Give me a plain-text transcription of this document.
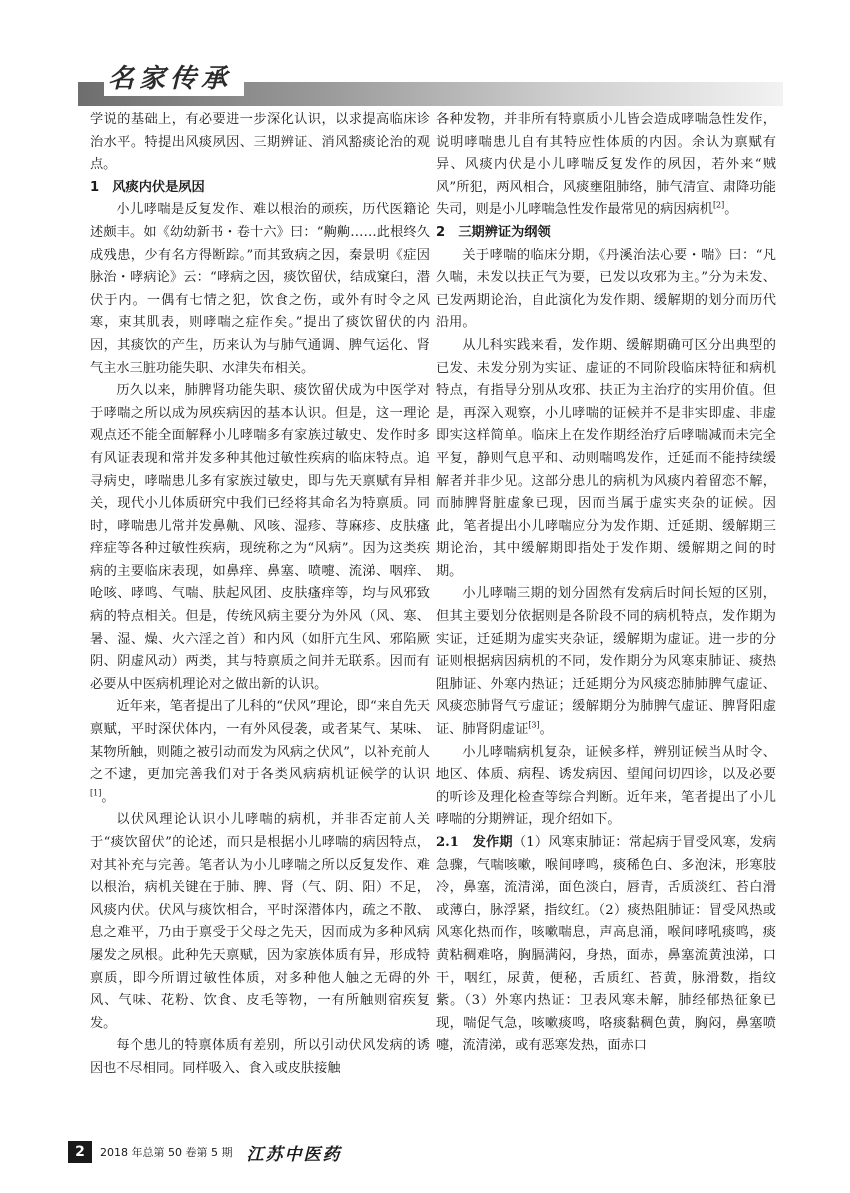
名家传承

学说的基础上，有必要进一步深化认识，以求提高临床诊治水平。特提出风痰夙因、三期辨证、消风豁痰论治的观点。

1　风痰内伏是夙因

小儿哮喘是反复发作、难以根治的顽疾，历代医籍论述颇丰。如《幼幼新书・卷十六》曰：“齁齁……此根终久成残患，少有名方得断踪。”而其致病之因，秦景明《症因脉治・哮病论》云：“哮病之因，痰饮留伏，结成窠臼，潜伏于内。一偶有七情之犯，饮食之伤，或外有时令之风寒，束其肌表，则哮喘之症作矣。”提出了痰饮留伏的内因，其痰饮的产生，历来认为与肺气通调、脾气运化、肾气主水三脏功能失职、水津失布相关。

历久以来，肺脾肾功能失职、痰饮留伏成为中医学对于哮喘之所以成为夙疾病因的基本认识。但是，这一理论观点还不能全面解释小儿哮喘多有家族过敏史、发作时多有风证表现和常并发多种其他过敏性疾病的临床特点。追寻病史，哮喘患儿多有家族过敏史，即与先天禀赋有异相关，现代小儿体质研究中我们已经将其命名为特禀质。同时，哮喘患儿常并发鼻鼽、风咳、湿疹、荨麻疹、皮肤瘙痒症等各种过敏性疾病，现统称之为“风病”。因为这类疾病的主要临床表现，如鼻痒、鼻塞、喷嚏、流涕、咽痒、呛咳、哮鸣、气喘、肤起风团、皮肤瘙痒等，均与风邪致病的特点相关。但是，传统风病主要分为外风（风、寒、暑、湿、燥、火六淫之首）和内风（如肝亢生风、邪陷厥阴、阴虚风动）两类，其与特禀质之间并无联系。因而有必要从中医病机理论对之做出新的认识。

近年来，笔者提出了儿科的“伏风”理论，即“来自先天禀赋，平时深伏体内，一有外风侵袭，或者某气、某味、某物所触，则随之被引动而发为风病之伏风”，以补充前人之不逮，更加完善我们对于各类风病病机证候学的认识[1]。

以伏风理论认识小儿哮喘的病机，并非否定前人关于“痰饮留伏”的论述，而只是根据小儿哮喘的病因特点，对其补充与完善。笔者认为小儿哮喘之所以反复发作、难以根治，病机关键在于肺、脾、肾（气、阴、阳）不足，风痰内伏。伏风与痰饮相合，平时深潜体内，疏之不散、息之难平，乃由于禀受于父母之先天，因而成为多种风病屡发之夙根。此种先天禀赋，因为家族体质有异，形成特禀质，即今所谓过敏性体质，对多种他人触之无碍的外风、气味、花粉、饮食、皮毛等物，一有所触则宿疾复发。

每个患儿的特禀体质有差别，所以引动伏风发病的诱因也不尽相同。同样吸入、食入或皮肤接触

各种发物，并非所有特禀质小儿皆会造成哮喘急性发作，说明哮喘患儿自有其特应性体质的内因。余认为禀赋有异、风痰内伏是小儿哮喘反复发作的夙因，若外来“贼风”所犯，两风相合，风痰壅阻肺络，肺气清宣、肃降功能失司，则是小儿哮喘急性发作最常见的病因病机[2]。

2　三期辨证为纲领

关于哮喘的临床分期，《丹溪治法心要・喘》曰：“凡久喘，未发以扶正气为要，已发以攻邪为主。”分为未发、已发两期论治，自此演化为发作期、缓解期的划分而历代沿用。

从儿科实践来看，发作期、缓解期确可区分出典型的已发、未发分别为实证、虚证的不同阶段临床特征和病机特点，有指导分别从攻邪、扶正为主治疗的实用价值。但是，再深入观察，小儿哮喘的证候并不是非实即虚、非虚即实这样简单。临床上在发作期经治疗后哮喘减而未完全平复，静则气息平和、动则喘鸣发作，迁延而不能持续缓解者并非少见。这部分患儿的病机为风痰内着留恋不解，而肺脾肾脏虚象已现，因而当属于虚实夹杂的证候。因此，笔者提出小儿哮喘应分为发作期、迁延期、缓解期三期论治，其中缓解期即指处于发作期、缓解期之间的时期。

小儿哮喘三期的划分固然有发病后时间长短的区别，但其主要划分依据则是各阶段不同的病机特点，发作期为实证，迁延期为虚实夹杂证，缓解期为虚证。进一步的分证则根据病因病机的不同，发作期分为风寒束肺证、痰热阻肺证、外寒内热证；迁延期分为风痰恋肺肺脾气虚证、风痰恋肺肾气亏虚证；缓解期分为肺脾气虚证、脾肾阳虚证、肺肾阴虚证[3]。

小儿哮喘病机复杂，证候多样，辨别证候当从时令、地区、体质、病程、诱发病因、望闻问切四诊，以及必要的听诊及理化检查等综合判断。近年来，笔者提出了小儿哮喘的分期辨证，现介绍如下。

2.1　发作期（1）风寒束肺证：常起病于冒受风寒，发病急骤，气喘咳嗽，喉间哮鸣，痰稀色白、多泡沫，形寒肢冷，鼻塞，流清涕，面色淡白，唇青，舌质淡红、苔白滑或薄白，脉浮紧，指纹红。（2）痰热阻肺证：冒受风热或风寒化热而作，咳嗽喘息，声高息涌，喉间哮吼痰鸣，痰黄粘稠难咯，胸膈满闷，身热，面赤，鼻塞流黄浊涕，口干，咽红，尿黄，便秘，舌质红、苔黄，脉滑数，指纹紫。（3）外寒内热证：卫表风寒未解，肺经郁热征象已现，喘促气急，咳嗽痰鸣，咯痰黏稠色黄，胸闷，鼻塞喷嚏，流清涕，或有恶寒发热，面赤口

2	2018 年总第 50 卷第 5 期 江苏中医药
